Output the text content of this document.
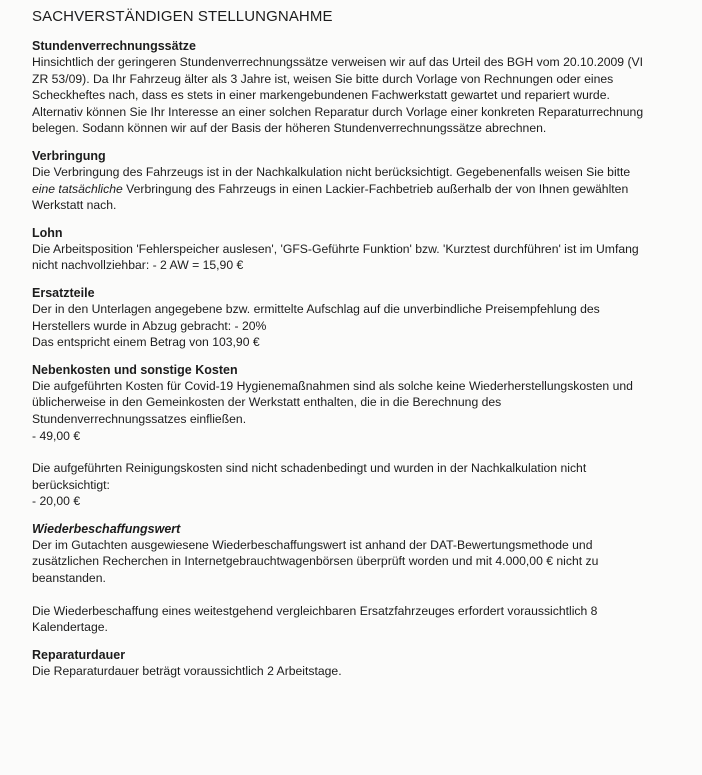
SACHVERSTÄNDIGEN STELLUNGNAHME
Stundenverrechnungssätze
Hinsichtlich der geringeren Stundenverrechnungssätze verweisen wir auf das Urteil des BGH vom 20.10.2009 (VI
ZR 53/09). Da Ihr Fahrzeug älter als 3 Jahre ist, weisen Sie bitte durch Vorlage von Rechnungen oder eines
Scheckheftes nach, dass es stets in einer markengebundenen Fachwerkstatt gewartet und repariert wurde.
Alternativ können Sie Ihr Interesse an einer solchen Reparatur durch Vorlage einer konkreten Reparaturrechnung
belegen. Sodann können wir auf der Basis der höheren Stundenverrechnungssätze abrechnen.
Verbringung
Die Verbringung des Fahrzeugs ist in der Nachkalkulation nicht berücksichtigt. Gegebenenfalls weisen Sie bitte
eine tatsächliche Verbringung des Fahrzeugs in einen Lackier-Fachbetrieb außerhalb der von Ihnen gewählten
Werkstatt nach.
Lohn
Die Arbeitsposition 'Fehlerspeicher auslesen', 'GFS-Geführte Funktion' bzw. 'Kurztest durchführen' ist im Umfang
nicht nachvollziehbar: - 2 AW = 15,90 €
Ersatzteile
Der in den Unterlagen angegebene bzw. ermittelte Aufschlag auf die unverbindliche Preisempfehlung des
Herstellers wurde in Abzug gebracht: - 20%
Das entspricht einem Betrag von 103,90 €
Nebenkosten und sonstige Kosten
Die aufgeführten Kosten für Covid-19 Hygienemaßnahmen sind als solche keine Wiederherstellungskosten und
üblicherweise in den Gemeinkosten der Werkstatt enthalten, die in die Berechnung des
Stundenverrechnungssatzes einfließen.
- 49,00 €
Die aufgeführten Reinigungskosten sind nicht schadenbedingt und wurden in der Nachkalkulation nicht
berücksichtigt:
- 20,00 €
Wiederbeschaffungswert
Der im Gutachten ausgewiesene Wiederbeschaffungswert ist anhand der DAT-Bewertungsmethode und
zusätzlichen Recherchen in Internetgebrauchtwagenbörsen überprüft worden und mit 4.000,00 € nicht zu
beanstanden.
Die Wiederbeschaffung eines weitestgehend vergleichbaren Ersatzfahrzeuges erfordert voraussichtlich 8
Kalendertage.
Reparaturdauer
Die Reparaturdauer beträgt voraussichtlich 2 Arbeitstage.
